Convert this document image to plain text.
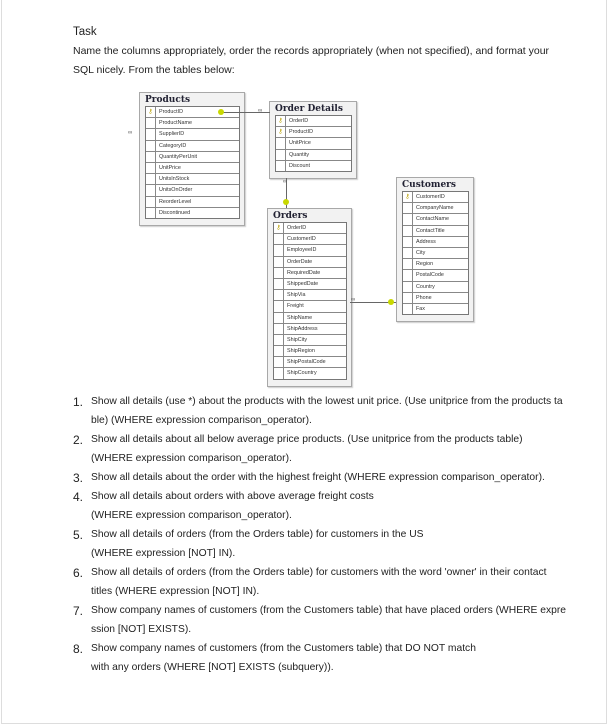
Task
Name the columns appropriately, order the records appropriately (when not specified), and format your
SQL nicely. From the tables below:
Products
⚷	ProductID
ProductName
SupplierID
CategoryID
QuantityPerUnit
UnitPrice
UnitsInStock
UnitsOnOrder
ReorderLevel
Discontinued
Order Details
⚷	OrderID
⚷	ProductID
UnitPrice
Quantity
Discount
Orders
⚷	OrderID
CustomerID
EmployeeID
OrderDate
RequiredDate
ShippedDate
ShipVia
Freight
ShipName
ShipAddress
ShipCity
ShipRegion
ShipPostalCode
ShipCountry
Customers
⚷	CustomerID
CompanyName
ContactName
ContactTitle
Address
City
Region
PostalCode
Country
Phone
Fax
∞
∞
∞
∞
1. Show all details (use *) about the products with the lowest unit price. (Use unitprice from the products ta
ble) (WHERE expression comparison_operator).
2. Show all details about all below average price products. (Use unitprice from the products table)
(WHERE expression comparison_operator).
3. Show all details about the order with the highest freight (WHERE expression comparison_operator).
4. Show all details about orders with above average freight costs
(WHERE expression comparison_operator).
5. Show all details of orders (from the Orders table) for customers in the US
(WHERE expression [NOT] IN).
6. Show all details of orders (from the Orders table) for customers with the word 'owner' in their contact
titles (WHERE expression [NOT] IN).
7. Show company names of customers (from the Customers table) that have placed orders (WHERE expre
ssion [NOT] EXISTS).
8. Show company names of customers (from the Customers table) that DO NOT match
with any orders (WHERE [NOT] EXISTS (subquery)).
